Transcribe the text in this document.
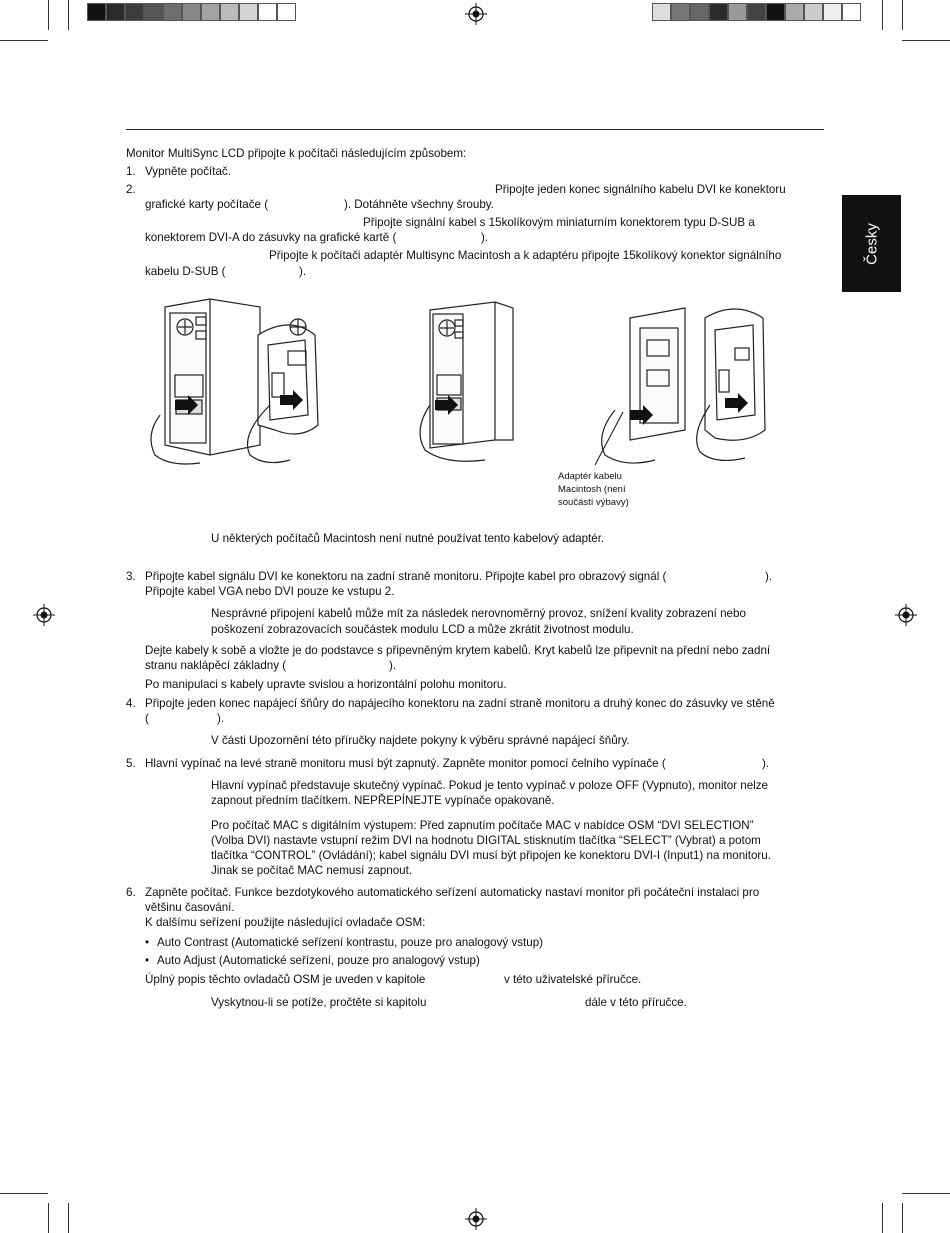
Česky
Monitor MultiSync LCD připojte k počítači následujícím způsobem:
1. Vypněte počítač.
2.	Připojte jeden konec signálního kabelu DVI ke konektoru
grafické karty počítače (	). Dotáhněte všechny šrouby.
Připojte signální kabel s 15kolíkovým miniaturním konektorem typu D-SUB a
konektorem DVI-A do zásuvky na grafické kartě (	).
Připojte k počítači adaptér Multisync Macintosh a k adaptéru připojte 15kolíkový konektor signálního
kabelu D-SUB (	).
Adaptér kabelu
Macintosh (není
součástí výbavy)
U některých počítačů Macintosh není nutné používat tento kabelový adaptér.
3. Připojte kabel signálu DVI ke konektoru na zadní straně monitoru. Připojte kabel pro obrazový signál (	).
Připojte kabel VGA nebo DVI pouze ke vstupu 2.
Nesprávné připojení kabelů může mít za následek nerovnoměrný provoz, snížení kvality zobrazení nebo
poškození zobrazovacích součástek modulu LCD a může zkrátit životnost modulu.
Dejte kabely k sobě a vložte je do podstavce s připevněným krytem kabelů. Kryt kabelů lze připevnit na přední nebo zadní
stranu naklápěcí základny (	).
Po manipulaci s kabely upravte svislou a horizontální polohu monitoru.
4. Připojte jeden konec napájecí šňůry do napájecího konektoru na zadní straně monitoru a druhý konec do zásuvky ve stěně
(	).
V části Upozornění této příručky najdete pokyny k výběru správné napájecí šňůry.
5. Hlavní vypínač na levé straně monitoru musí být zapnutý. Zapněte monitor pomocí čelního vypínače (	).
Hlavní vypínač představuje skutečný vypínač. Pokud je tento vypínač v poloze OFF (Vypnuto), monitor nelze
zapnout předním tlačítkem. NEPŘEPÍNEJTE vypínače opakovaně.
Pro počítač MAC s digitálním výstupem: Před zapnutím počítače MAC v nabídce OSM “DVI SELECTION”
(Volba DVI) nastavte vstupní režim DVI na hodnotu DIGITAL stisknutím tlačítka “SELECT” (Vybrat) a potom
tlačítka “CONTROL” (Ovládání); kabel signálu DVI musí být připojen ke konektoru DVI-I (Input1) na monitoru.
Jinak se počítač MAC nemusí zapnout.
6. Zapněte počítač. Funkce bezdotykového automatického seřízení automaticky nastaví monitor při počáteční instalaci pro
většinu časování.
K dalšímu seřízení použijte následující ovladače OSM:
• Auto Contrast (Automatické seřízení kontrastu, pouze pro analogový vstup)
• Auto Adjust (Automatické seřízení, pouze pro analogový vstup)
Úplný popis těchto ovladačů OSM je uveden v kapitole	v této uživatelské příručce.
Vyskytnou-li se potíže, pročtěte si kapitolu	dále v této příručce.
